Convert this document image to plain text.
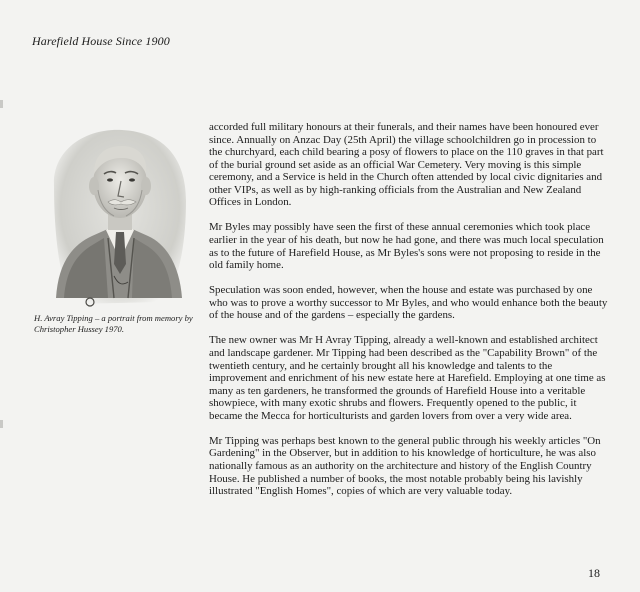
Harefield House Since 1900
H. Avray Tipping – a portrait from memory by Christopher Hussey 1970.

accorded full military honours at their funerals, and their names have been honoured ever since. Annually on Anzac Day (25th April) the village schoolchildren go in procession to the churchyard, each child bearing a posy of flowers to place on the 110 graves in that part of the burial ground set aside as an official War Cemetery. Very moving is this simple ceremony, and a Service is held in the Church often attended by local civic dignitaries and other VIPs, as well as by high-ranking officials from the Australian and New Zealand Offices in London.

Mr Byles may possibly have seen the first of these annual ceremonies which took place earlier in the year of his death, but now he had gone, and there was much local speculation as to the future of Harefield House, as Mr Byles's sons were not proposing to reside in the old family home.

Speculation was soon ended, however, when the house and estate was purchased by one who was to prove a worthy successor to Mr Byles, and who would enhance both the beauty of the house and of the gardens – especially the gardens.

The new owner was Mr H Avray Tipping, already a well-known and established architect and landscape gardener. Mr Tipping had been described as the "Capability Brown" of the twentieth century, and he certainly brought all his knowledge and talents to the improvement and enrichment of his new estate here at Harefield. Employing at one time as many as ten gardeners, he transformed the grounds of Harefield House into a veritable showpiece, with many exotic shrubs and flowers. Frequently opened to the public, it became the Mecca for horticulturists and garden lovers from over a very wide area.

Mr Tipping was perhaps best known to the general public through his weekly articles "On Gardening" in the Observer, but in addition to his knowledge of horticulture, he was also nationally famous as an authority on the architecture and history of the English Country House. He published a number of books, the most notable probably being his lavishly illustrated "English Homes", copies of which are very valuable today.

18
